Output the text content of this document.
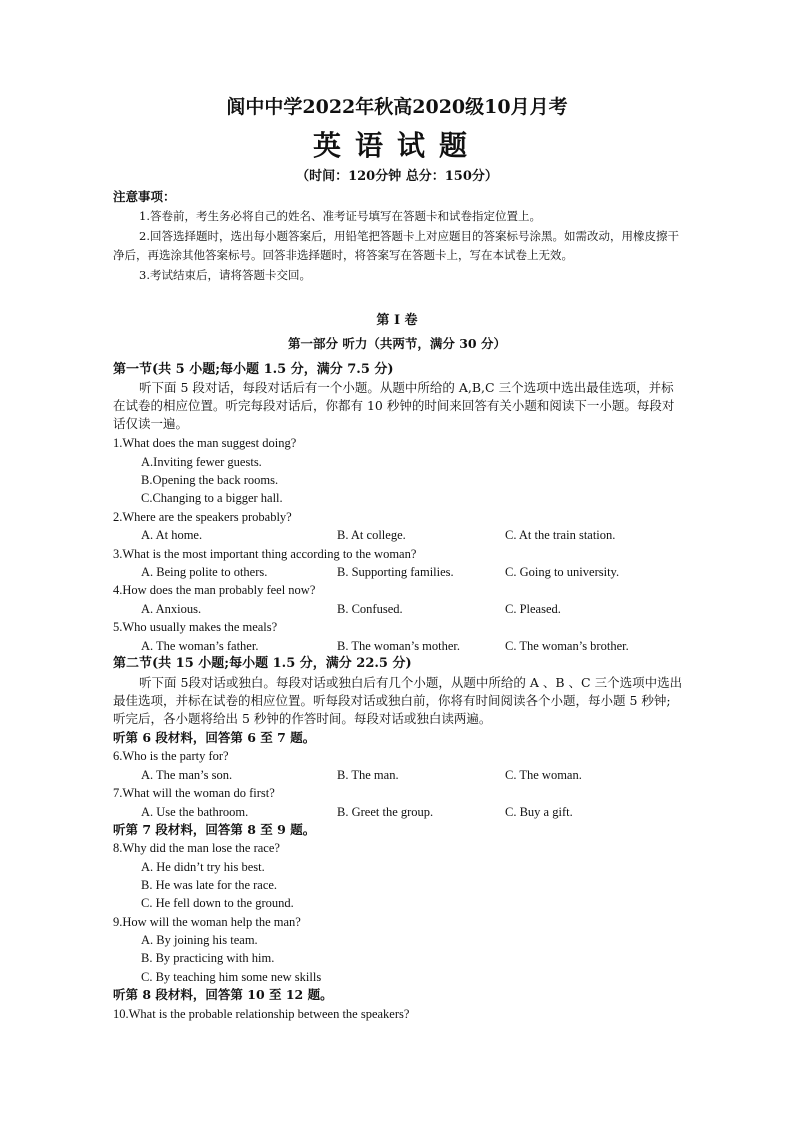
阆中中学2022年秋高2020级10月月考
英语试题
（时间：120分钟 总分：150分）
注意事项：

1.答卷前，考生务必将自己的姓名、准考证号填写在答题卡和试卷指定位置上。

2.回答选择题时，选出每小题答案后，用铅笔把答题卡上对应题目的答案标号涂黑。如需改动，用橡皮擦干净后，再选涂其他答案标号。回答非选择题时，将答案写在答题卡上，写在本试卷上无效。

3.考试结束后，请将答题卡交回。

第 I 卷
第一部分 听力（共两节，满分 30 分）
第一节(共 5 小题;每小题 1.5 分，满分 7.5 分)
听下面 5 段对话，每段对话后有一个小题。从题中所给的 A,B,C 三个选项中选出最佳选项，并标在试卷的相应位置。听完每段对话后，你都有 10 秒钟的时间来回答有关小题和阅读下一小题。每段对话仅读一遍。
1.What does the man suggest doing?
A.Inviting fewer guests.
B.Opening the back rooms.
C.Changing to a bigger hall.
2.Where are the speakers probably?
A. At home.	B. At college.	C. At the train station.
3.What is the most important thing according to the woman?
A. Being polite to others.	B. Supporting families.	C. Going to university.
4.How does the man probably feel now?
A. Anxious.	B. Confused.	C. Pleased.
5.Who usually makes the meals?
A. The woman’s father.	B. The woman’s mother.	C. The woman’s brother.
第二节(共 15 小题;每小题 1.5 分，满分 22.5 分)
听下面 5段对话或独白。每段对话或独白后有几个小题，从题中所给的 A 、B 、C 三个选项中选出最佳选项，并标在试卷的相应位置。听每段对话或独白前，你将有时间阅读各个小题，每小题 5 秒钟;听完后，各小题将给出 5 秒钟的作答时间。每段对话或独白读两遍。
听第 6 段材料，回答第 6 至 7 题。
6.Who is the party for?
A. The man’s son.	B. The man.	C. The woman.
7.What will the woman do first?
A. Use the bathroom.	B. Greet the group.	C. Buy a gift.
听第 7 段材料，回答第 8 至 9 题。
8.Why did the man lose the race?
A. He didn’t try his best.
B. He was late for the race.
C. He fell down to the ground.
9.How will the woman help the man?
A. By joining his team.
B. By practicing with him.
C. By teaching him some new skills
听第 8 段材料，回答第 10 至 12 题。
10.What is the probable relationship between the speakers?
